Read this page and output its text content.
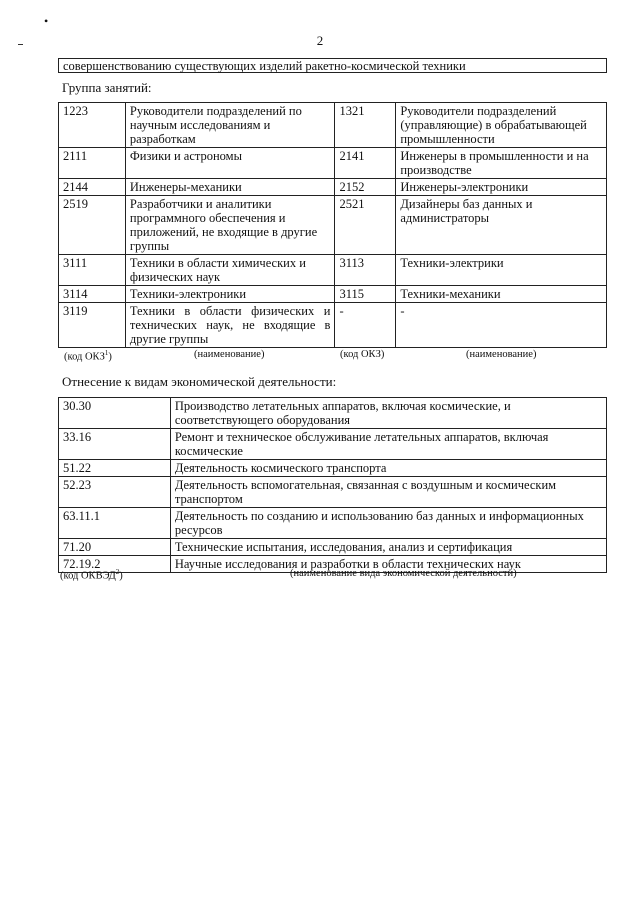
•
2
совершенствованию существующих изделий ракетно-космической техники
Группа занятий:
1223	Руководители подразделений по научным исследованиям и разработкам	1321	Руководители подразделений (управляющие) в обрабатывающей промышленности
2111	Физики и астрономы	2141	Инженеры в промышленности и на производстве
2144	Инженеры-механики	2152	Инженеры-электроники
2519	Разработчики и аналитики программного обеспечения и приложений, не входящие в другие группы	2521	Дизайнеры баз данных и администраторы
3111	Техники в области химических и физических наук	3113	Техники-электрики
3114	Техники-электроники	3115	Техники-механики
3119	Техники в области физических и технических наук, не входящие в другие группы	-	-
(код ОКЗ$^1$)	(наименование)	(код ОКЗ)	(наименование)
Отнесение к видам экономической деятельности:
30.30	Производство летательных аппаратов, включая космические, и соответствующего оборудования
33.16	Ремонт и техническое обслуживание летательных аппаратов, включая космические
51.22	Деятельность космического транспорта
52.23	Деятельность вспомогательная, связанная с воздушным и космическим транспортом
63.11.1	Деятельность по созданию и использованию баз данных и информационных ресурсов
71.20	Технические испытания, исследования, анализ и сертификация
72.19.2	Научные исследования и разработки в области технических наук
(код ОКВЭД$^2$)	(наименование вида экономической деятельности)
